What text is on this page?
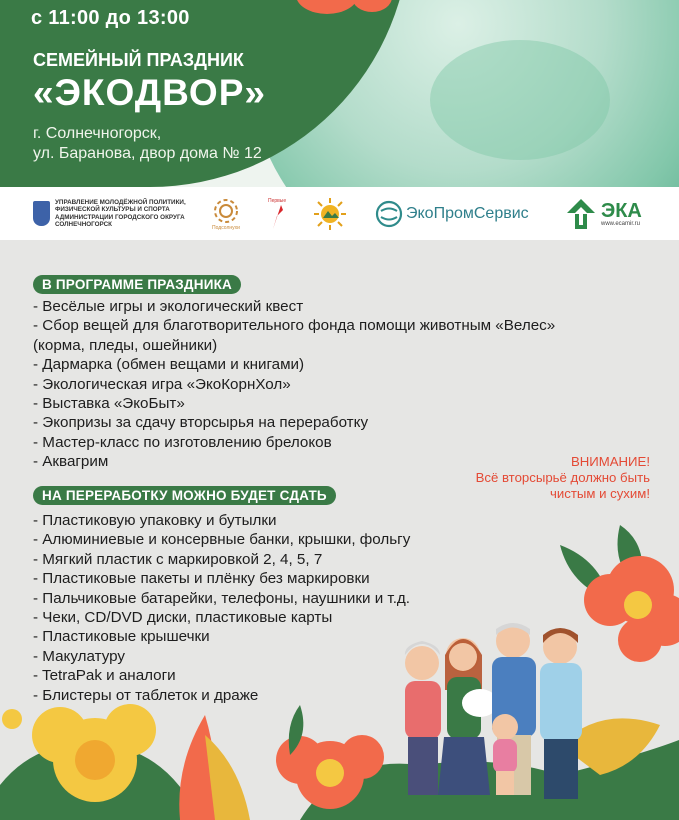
с 11:00 до 13:00
СЕМЕЙНЫЙ ПРАЗДНИК
«ЭКОДВОР»
г. Солнечногорск,
ул. Баранова, двор дома № 12
УПРАВЛЕНИЕ МОЛОДЁЖНОЙ ПОЛИТИКИ,
ФИЗИЧЕСКОЙ КУЛЬТУРЫ И СПОРТА
АДМИНИСТРАЦИИ ГОРОДСКОГО ОКРУГА
СОЛНЕЧНОГОРСК	Подсолнухи
Первые
ЭкоПромСервис	ЭКА
www.ecamir.ru
В ПРОГРАММЕ ПРАЗДНИКА
- Весёлые игры и экологический квест
- Сбор вещей для благотворительного фонда помощи животным «Велес»
(корма, пледы, ошейники)
- Дармарка (обмен вещами и книгами)
- Экологическая игра «ЭкоКорнХол»
- Выставка «ЭкоБыт»
- Экопризы за сдачу вторсырья на переработку
- Мастер-класс по изготовлению брелоков
- Аквагрим	ВНИМАНИЕ!
Всё вторсырьё должно быть
чистым и сухим!
НА ПЕРЕРАБОТКУ МОЖНО БУДЕТ СДАТЬ
- Пластиковую упаковку и бутылки
- Алюминиевые и консервные банки, крышки, фольгу
- Мягкий пластик с маркировкой 2, 4, 5, 7
- Пластиковые пакеты и плёнку без маркировки
- Пальчиковые батарейки, телефоны, наушники и т.д.
- Чеки, CD/DVD диски, пластиковые карты
- Пластиковые крышечки
- Макулатуру
- TetraPak и аналоги
- Блистеры от таблеток и драже
